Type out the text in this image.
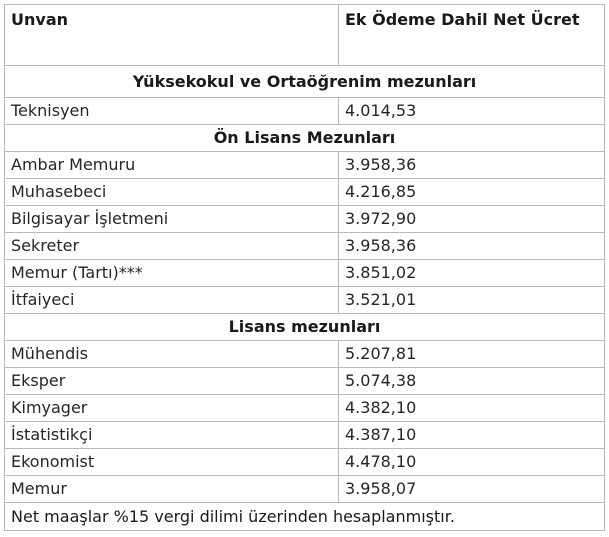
Unvan	Ek Ödeme Dahil Net Ücret
Yüksekokul ve Ortaöğrenim mezunları	
Teknisyen	4.014,53
Ön Lisans Mezunları	
Ambar Memuru	3.958,36
Muhasebeci	4.216,85
Bilgisayar İşletmeni	3.972,90
Sekreter	3.958,36
Memur (Tartı)***	3.851,02
İtfaiyeci	3.521,01
Lisans mezunları	
Mühendis	5.207,81
Eksper	5.074,38
Kimyager	4.382,10
İstatistikçi	4.387,10
Ekonomist	4.478,10
Memur	3.958,07
Net maaşlar %15 vergi dilimi üzerinden hesaplanmıştır.	
